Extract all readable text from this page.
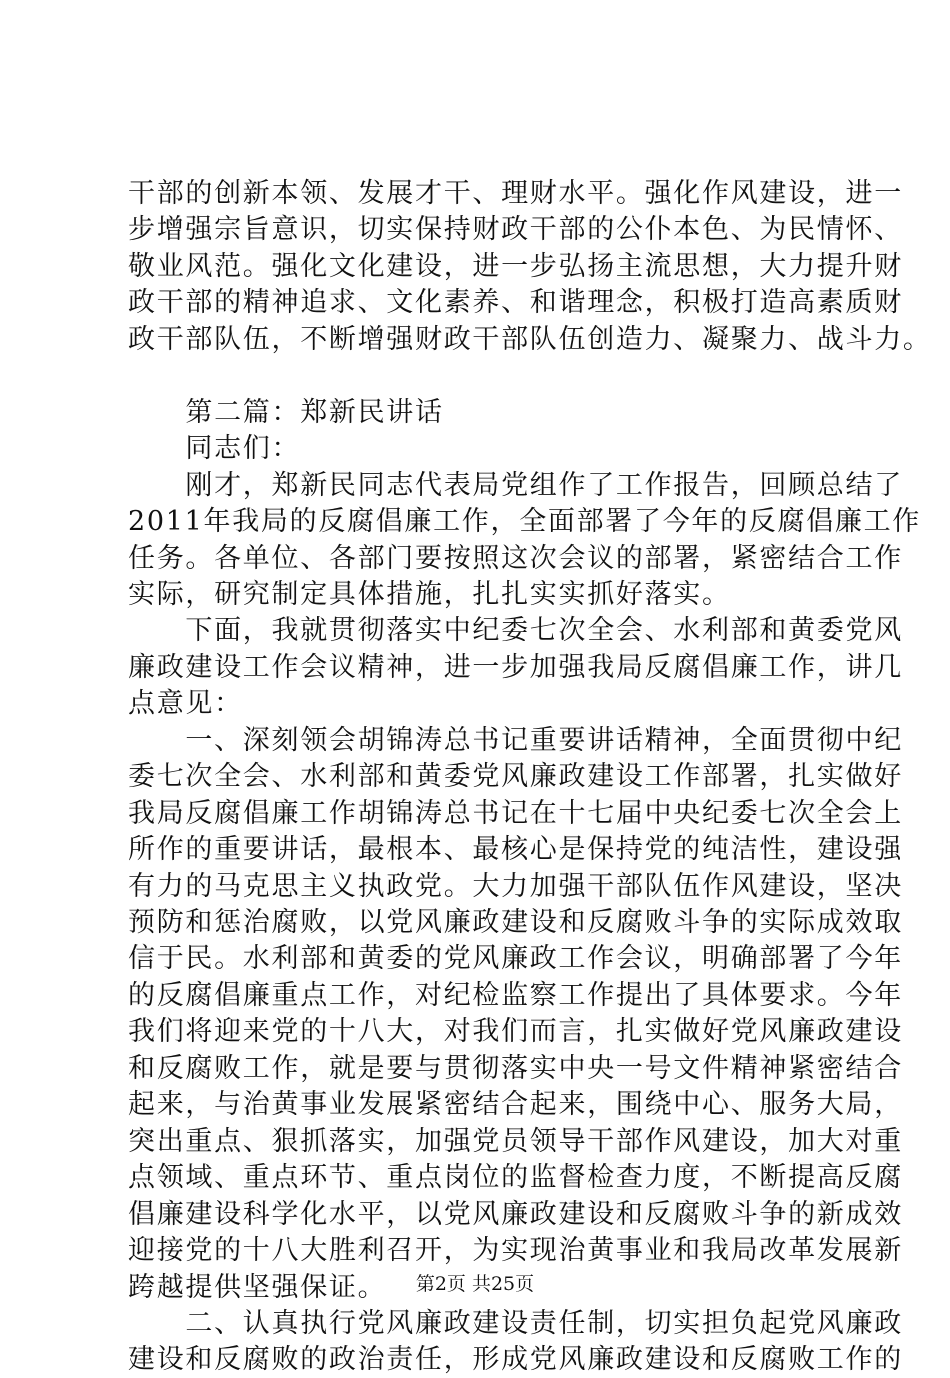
干部的创新本领、发展才干、理财水平。强化作风建设，进一
步增强宗旨意识，切实保持财政干部的公仆本色、为民情怀、
敬业风范。强化文化建设，进一步弘扬主流思想，大力提升财
政干部的精神追求、文化素养、和谐理念，积极打造高素质财
政干部队伍，不断增强财政干部队伍创造力、凝聚力、战斗力。
　　第二篇：郑新民讲话
　　同志们：
　　刚才，郑新民同志代表局党组作了工作报告，回顾总结了
2011年我局的反腐倡廉工作，全面部署了今年的反腐倡廉工作
任务。各单位、各部门要按照这次会议的部署，紧密结合工作
实际，研究制定具体措施，扎扎实实抓好落实。
　　下面，我就贯彻落实中纪委七次全会、水利部和黄委党风
廉政建设工作会议精神，进一步加强我局反腐倡廉工作，讲几
点意见：
　　一、深刻领会胡锦涛总书记重要讲话精神，全面贯彻中纪
委七次全会、水利部和黄委党风廉政建设工作部署，扎实做好
我局反腐倡廉工作胡锦涛总书记在十七届中央纪委七次全会上
所作的重要讲话，最根本、最核心是保持党的纯洁性，建设强
有力的马克思主义执政党。大力加强干部队伍作风建设，坚决
预防和惩治腐败，以党风廉政建设和反腐败斗争的实际成效取
信于民。水利部和黄委的党风廉政工作会议，明确部署了今年
的反腐倡廉重点工作，对纪检监察工作提出了具体要求。今年
我们将迎来党的十八大，对我们而言，扎实做好党风廉政建设
和反腐败工作，就是要与贯彻落实中央一号文件精神紧密结合
起来，与治黄事业发展紧密结合起来，围绕中心、服务大局，
突出重点、狠抓落实，加强党员领导干部作风建设，加大对重
点领域、重点环节、重点岗位的监督检查力度，不断提高反腐
倡廉建设科学化水平，以党风廉政建设和反腐败斗争的新成效
迎接党的十八大胜利召开，为实现治黄事业和我局改革发展新
跨越提供坚强保证。
　　二、认真执行党风廉政建设责任制，切实担负起党风廉政
建设和反腐败的政治责任，形成党风廉政建设和反腐败工作的
第2页 共25页
